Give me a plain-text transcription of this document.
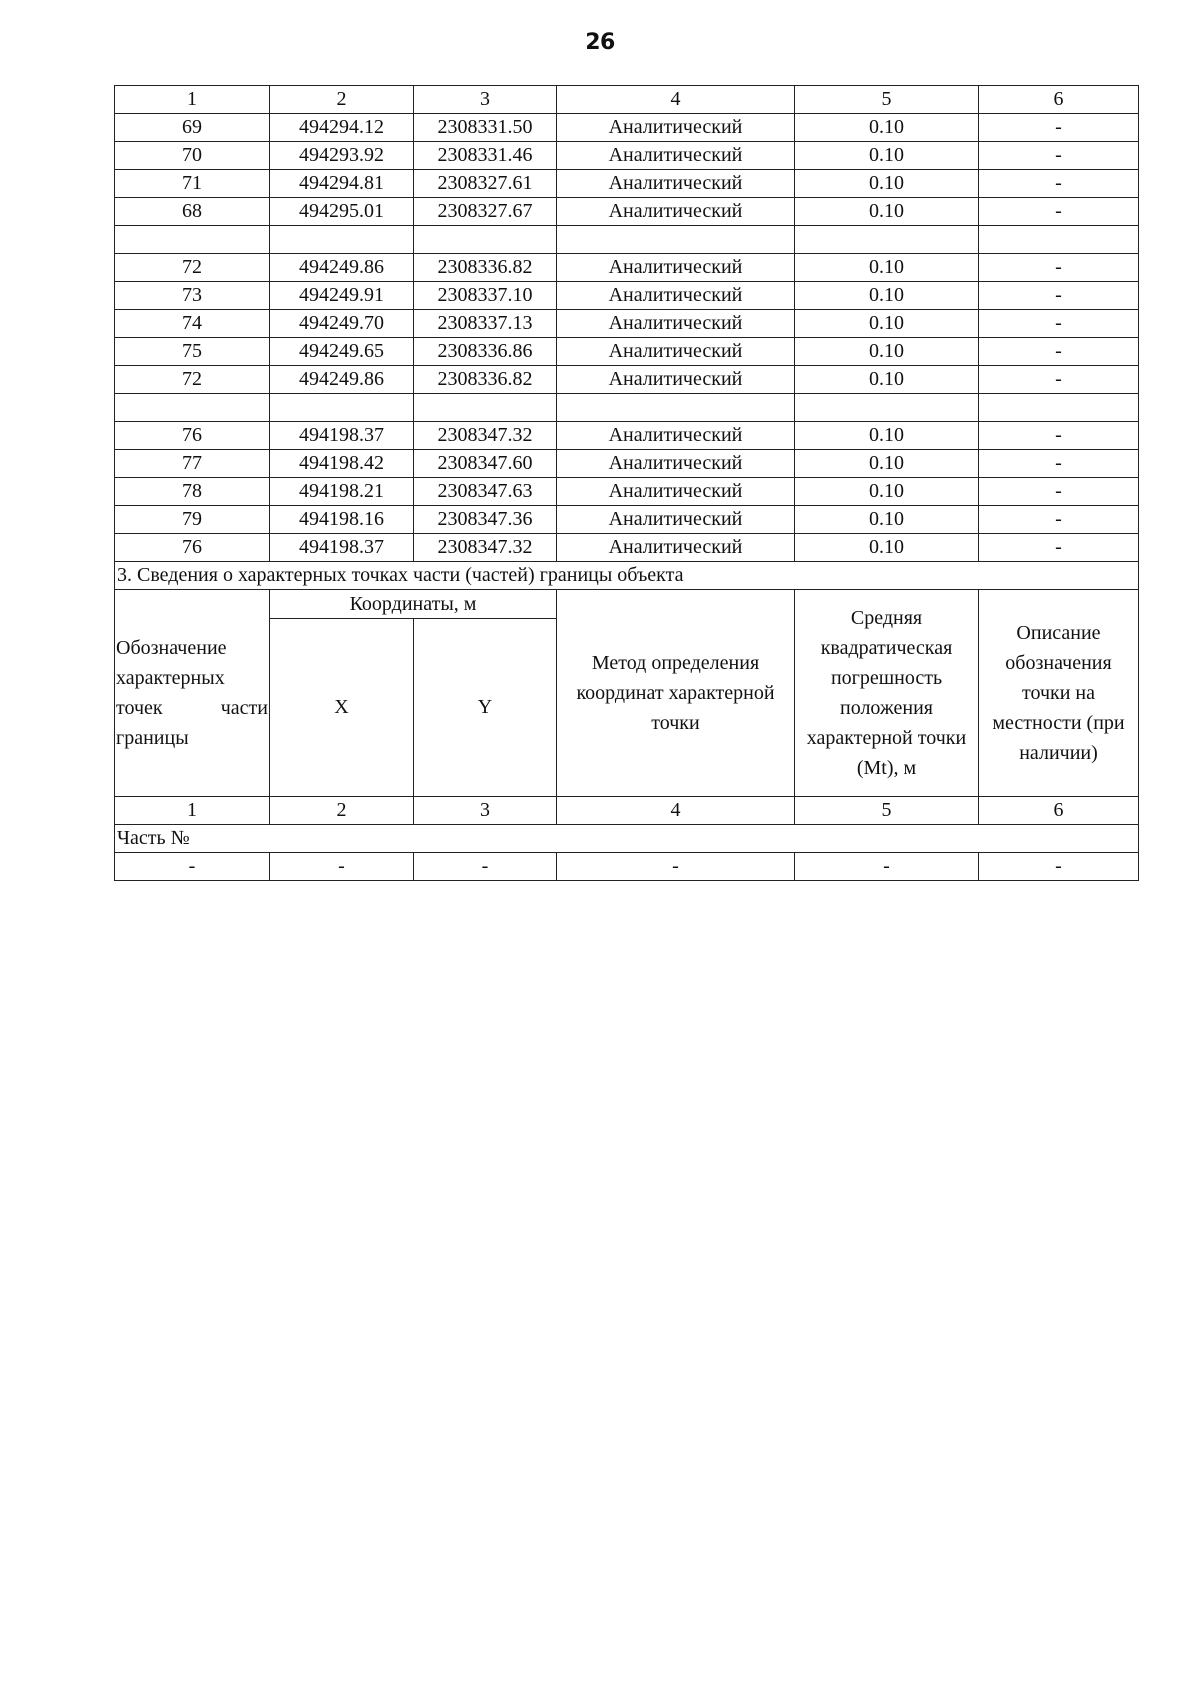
26
1	2	3	4	5	6
69	494294.12	2308331.50	Аналитический	0.10	-
70	494293.92	2308331.46	Аналитический	0.10	-
71	494294.81	2308327.61	Аналитический	0.10	-
68	494295.01	2308327.67	Аналитический	0.10	-

72	494249.86	2308336.82	Аналитический	0.10	-
73	494249.91	2308337.10	Аналитический	0.10	-
74	494249.70	2308337.13	Аналитический	0.10	-
75	494249.65	2308336.86	Аналитический	0.10	-
72	494249.86	2308336.82	Аналитический	0.10	-

76	494198.37	2308347.32	Аналитический	0.10	-
77	494198.42	2308347.60	Аналитический	0.10	-
78	494198.21	2308347.63	Аналитический	0.10	-
79	494198.16	2308347.36	Аналитический	0.10	-
76	494198.37	2308347.32	Аналитический	0.10	-
3. Сведения о характерных точках части (частей) границы объекта					
Обозначение характерных точек части границы	Координаты, м		Метод определения координат характерной точки	Средняя квадратическая погрешность положения характерной точки (Mt), м	Описание обозначения точки на местности (при наличии)
	X	Y			
1	2	3	4	5	6
Часть №					
-	-	-	-	-	-
